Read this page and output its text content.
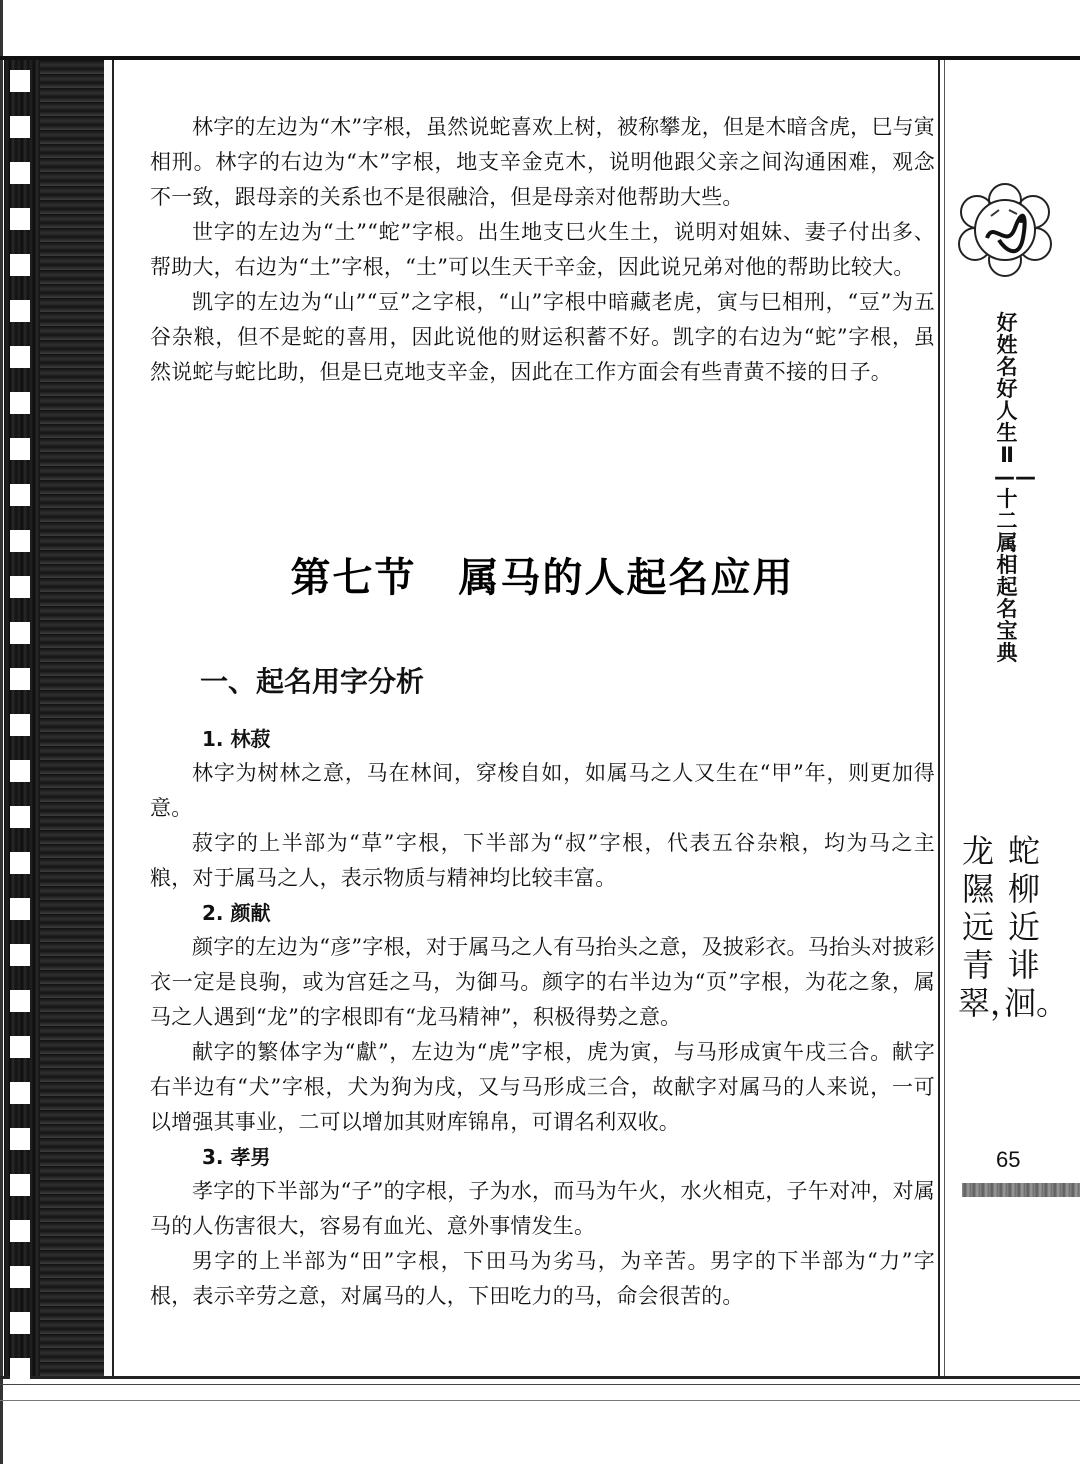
林字的左边为“木”字根，虽然说蛇喜欢上树，被称攀龙，但是木暗含虎，巳与寅相刑。林字的右边为“木”字根，地支辛金克木，说明他跟父亲之间沟通困难，观念不一致，跟母亲的关系也不是很融洽，但是母亲对他帮助大些。

世字的左边为“土”“蛇”字根。出生地支巳火生土，说明对姐妹、妻子付出多、帮助大，右边为“土”字根，“土”可以生天干辛金，因此说兄弟对他的帮助比较大。

凯字的左边为“山”“豆”之字根，“山”字根中暗藏老虎，寅与巳相刑，“豆”为五谷杂粮，但不是蛇的喜用，因此说他的财运积蓄不好。凯字的右边为“蛇”字根，虽然说蛇与蛇比助，但是巳克地支辛金，因此在工作方面会有些青黄不接的日子。

第七节　属马的人起名应用
一、起名用字分析

1. 林菽

林字为树林之意，马在林间，穿梭自如，如属马之人又生在“甲”年，则更加得意。

菽字的上半部为“草”字根，下半部为“叔”字根，代表五谷杂粮，均为马之主粮，对于属马之人，表示物质与精神均比较丰富。

2. 颜献

颜字的左边为“彦”字根，对于属马之人有马抬头之意，及披彩衣。马抬头对披彩衣一定是良驹，或为宫廷之马，为御马。颜字的右半边为“页”字根，为花之象，属马之人遇到“龙”的字根即有“龙马精神”，积极得势之意。

献字的繁体字为“獻”，左边为“虎”字根，虎为寅，与马形成寅午戌三合。献字右半边有“犬”字根，犬为狗为戌，又与马形成三合，故献字对属马的人来说，一可以增强其事业，二可以增加其财库锦帛，可谓名利双收。

3. 孝男

孝字的下半部为“子”的字根，子为水，而马为午火，水火相克，子午对冲，对属马的人伤害很大，容易有血光、意外事情发生。

男字的上半部为“田”字根，下田马为劣马，为辛苦。男字的下半部为“力”字根，表示辛劳之意，对属马的人，下田吃力的马，命会很苦的。

好姓名好人生Ⅱ——十二属相起名宝典
蛇柳近诽洄。
龙隰远青翠，
65
